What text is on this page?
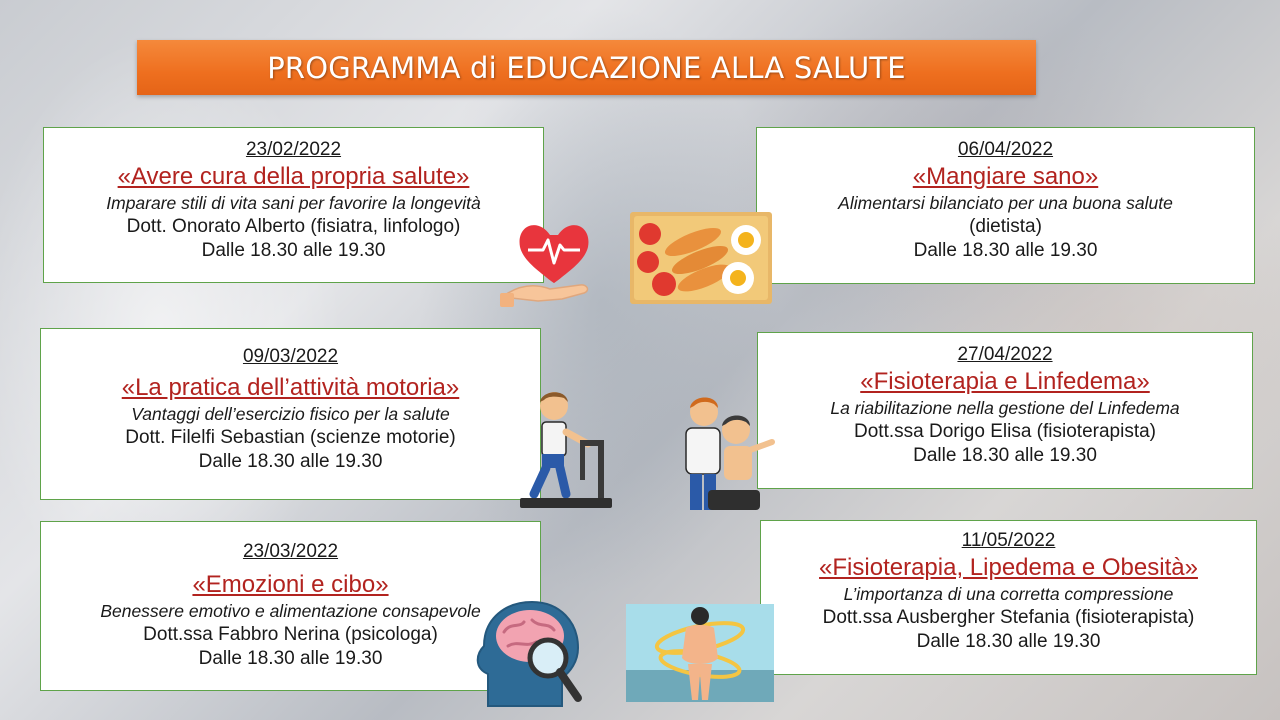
PROGRAMMA di EDUCAZIONE ALLA SALUTE
23/02/2022
«Avere cura della propria salute»
Imparare stili di vita sani per favorire la longevità
Dott. Onorato Alberto (fisiatra, linfologo)
Dalle 18.30 alle 19.30
06/04/2022
«Mangiare sano»
Alimentarsi bilanciato per una buona salute
(dietista)
Dalle 18.30 alle 19.30
09/03/2022
«La pratica dell’attività motoria»
Vantaggi dell’esercizio fisico per la salute
Dott. Filelfi Sebastian (scienze motorie)
Dalle 18.30 alle 19.30
27/04/2022
«Fisioterapia e Linfedema»
La riabilitazione nella gestione del Linfedema
Dott.ssa Dorigo Elisa (fisioterapista)
Dalle 18.30 alle 19.30
23/03/2022
«Emozioni e cibo»
Benessere emotivo e alimentazione consapevole
Dott.ssa Fabbro Nerina (psicologa)
Dalle 18.30 alle 19.30
11/05/2022
«Fisioterapia, Lipedema e Obesità»
L’importanza di una corretta compressione
Dott.ssa Ausbergher Stefania (fisioterapista)
Dalle 18.30 alle 19.30
